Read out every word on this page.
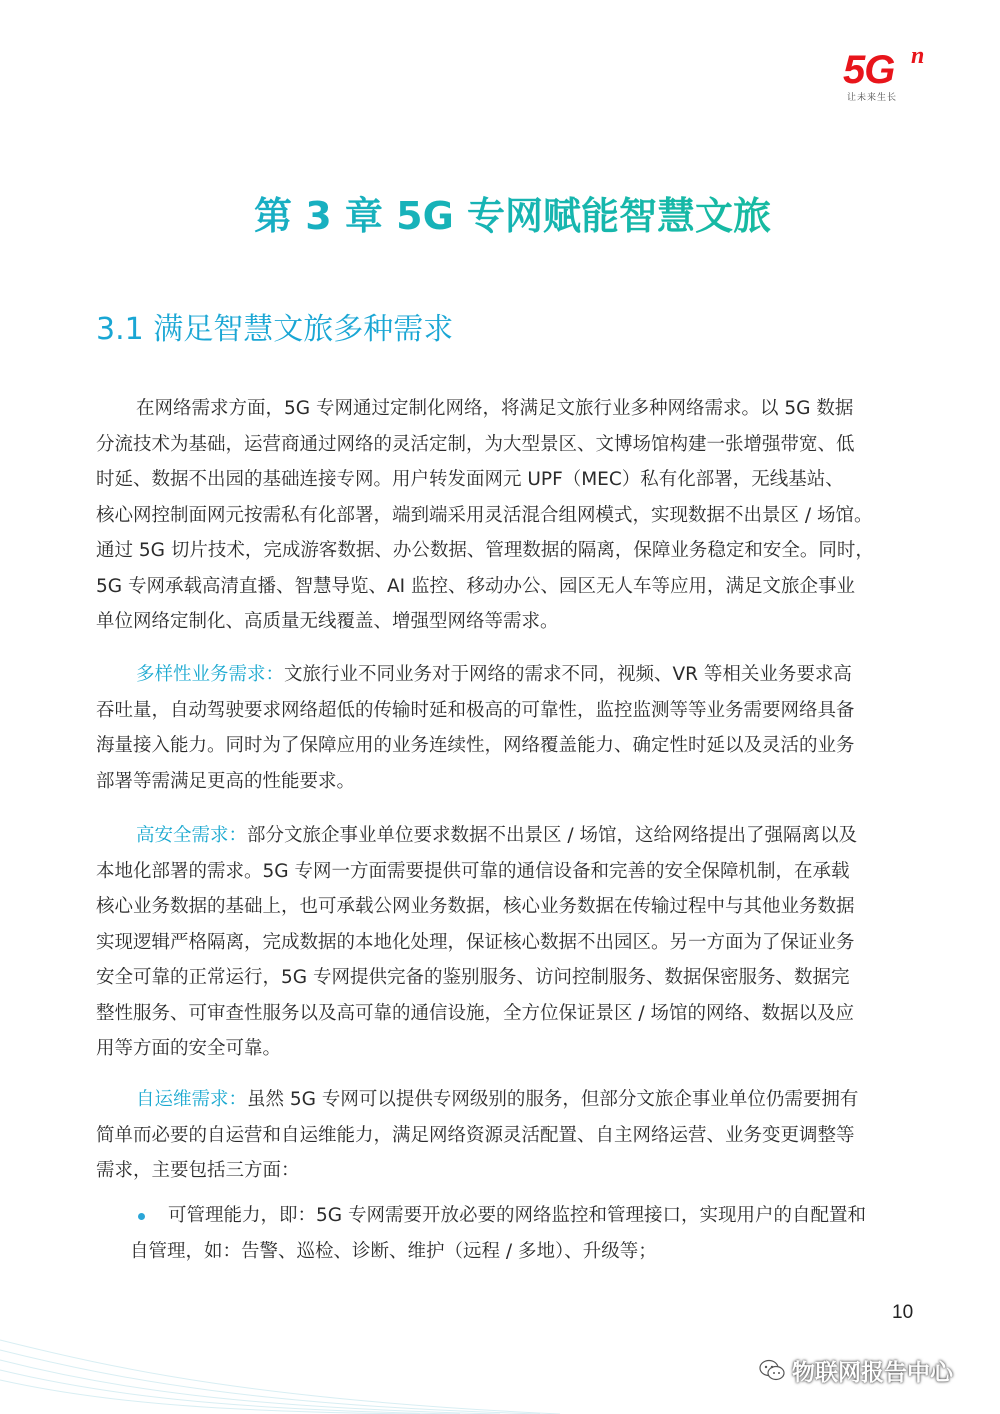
5G n
让未来生长
第 3 章 5G 专网赋能智慧文旅
3.1 满足智慧文旅多种需求
在网络需求方面，5G 专网通过定制化网络，将满足文旅行业多种网络需求。以 5G 数据
分流技术为基础，运营商通过网络的灵活定制，为大型景区、文博场馆构建一张增强带宽、低
时延、数据不出园的基础连接专网。用户转发面网元 UPF（MEC）私有化部署，无线基站、
核心网控制面网元按需私有化部署，端到端采用灵活混合组网模式，实现数据不出景区 / 场馆。
通过 5G 切片技术，完成游客数据、办公数据、管理数据的隔离，保障业务稳定和安全。同时，
5G 专网承载高清直播、智慧导览、AI 监控、移动办公、园区无人车等应用，满足文旅企事业
单位网络定制化、高质量无线覆盖、增强型网络等需求。
多样性业务需求：文旅行业不同业务对于网络的需求不同，视频、VR 等相关业务要求高
吞吐量，自动驾驶要求网络超低的传输时延和极高的可靠性，监控监测等等业务需要网络具备
海量接入能力。同时为了保障应用的业务连续性，网络覆盖能力、确定性时延以及灵活的业务
部署等需满足更高的性能要求。
高安全需求：部分文旅企事业单位要求数据不出景区 / 场馆，这给网络提出了强隔离以及
本地化部署的需求。5G 专网一方面需要提供可靠的通信设备和完善的安全保障机制，在承载
核心业务数据的基础上，也可承载公网业务数据，核心业务数据在传输过程中与其他业务数据
实现逻辑严格隔离，完成数据的本地化处理，保证核心数据不出园区。另一方面为了保证业务
安全可靠的正常运行，5G 专网提供完备的鉴别服务、访问控制服务、数据保密服务、数据完
整性服务、可审查性服务以及高可靠的通信设施，全方位保证景区 / 场馆的网络、数据以及应
用等方面的安全可靠。
自运维需求：虽然 5G 专网可以提供专网级别的服务，但部分文旅企事业单位仍需要拥有
简单而必要的自运营和自运维能力，满足网络资源灵活配置、自主网络运营、业务变更调整等
需求，主要包括三方面：
可管理能力，即：5G 专网需要开放必要的网络监控和管理接口，实现用户的自配置和
自管理，如：告警、巡检、诊断、维护（远程 / 多地）、升级等；
10
物联网报告中心
